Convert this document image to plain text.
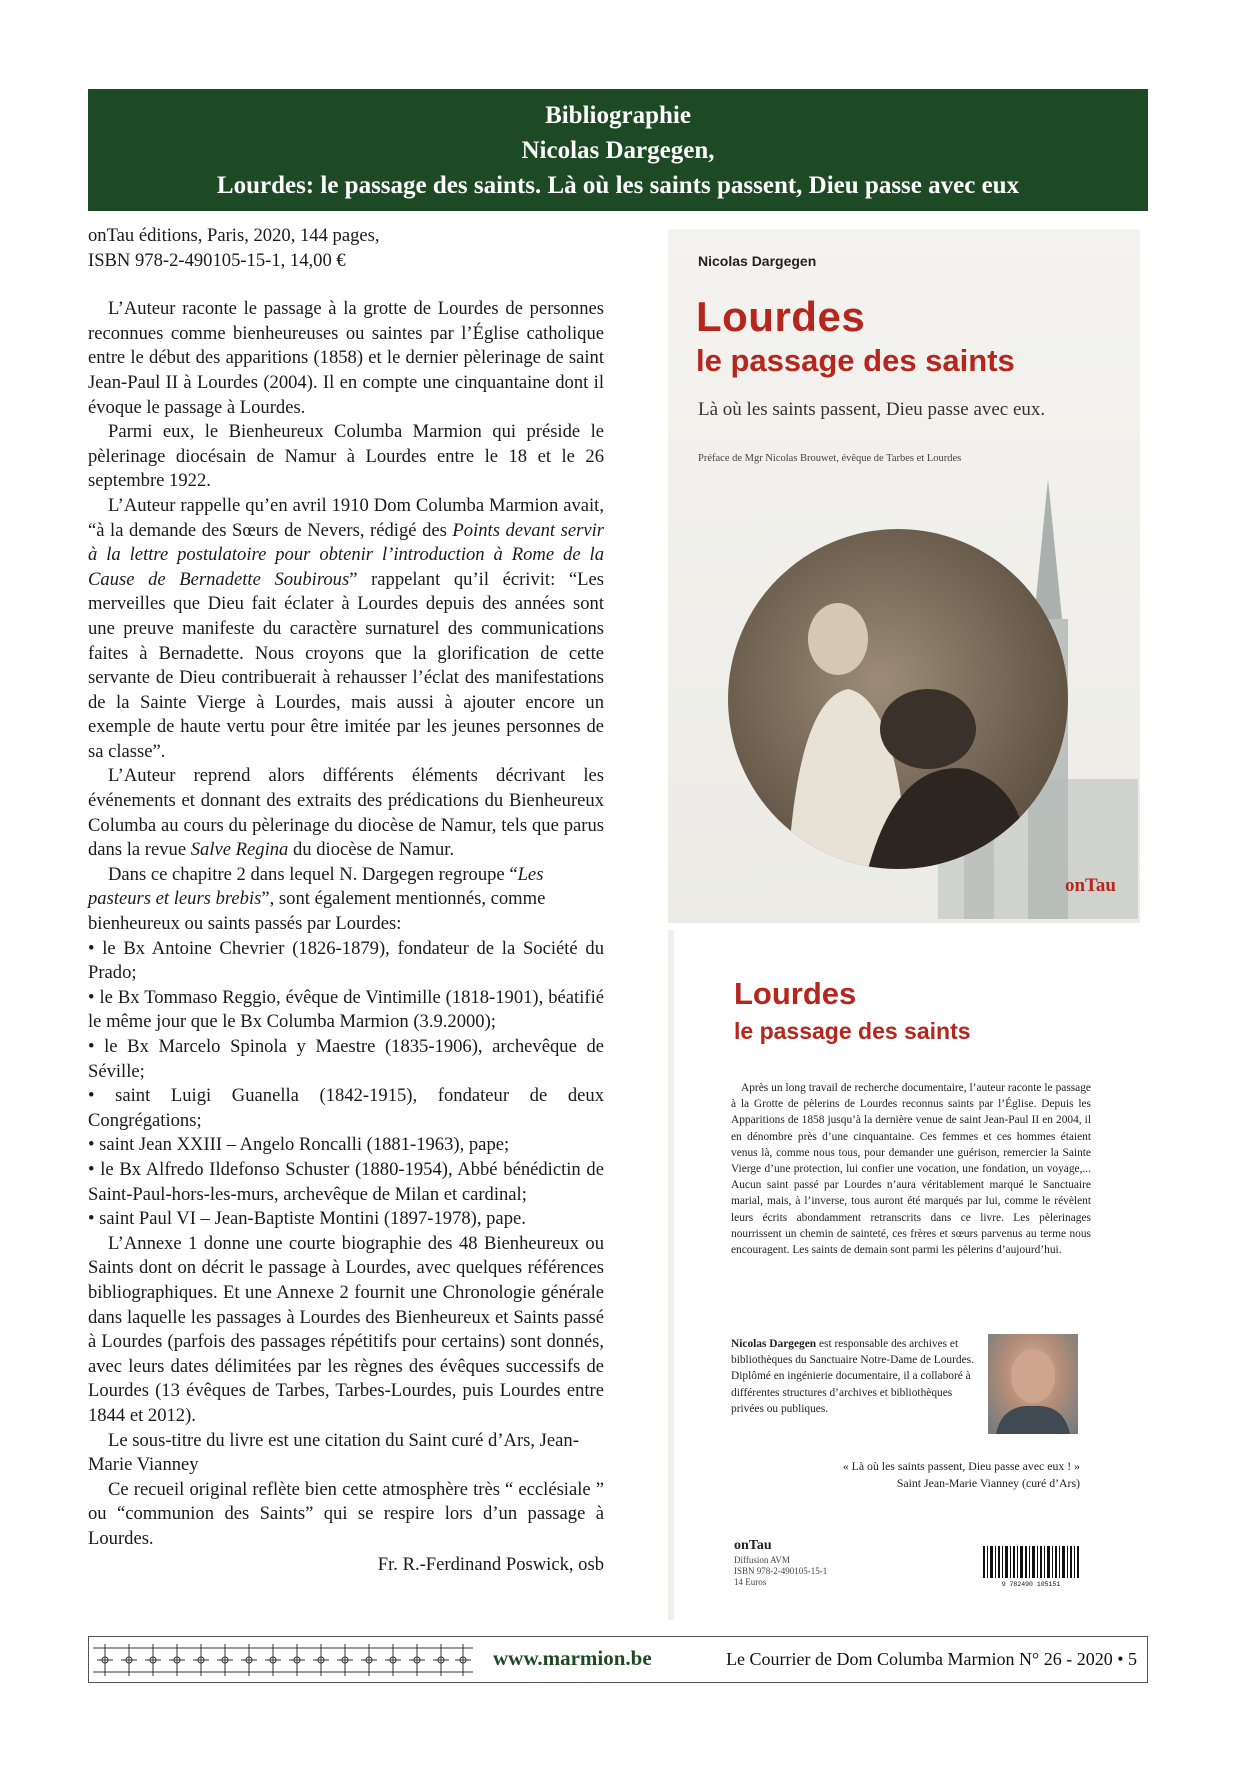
Bibliographie
Nicolas Dargegen,
Lourdes: le passage des saints. Là où les saints passent, Dieu passe avec eux

onTau éditions, Paris, 2020, 144 pages,

ISBN 978-2-490105-15-1, 14,00 €

L’Auteur raconte le passage à la grotte de Lourdes de personnes reconnues comme bienheureuses ou saintes par l’Église catholique entre le début des apparitions (1858) et le dernier pèlerinage de saint Jean-Paul II à Lourdes (2004). Il en compte une cinquantaine dont il évoque le passage à Lourdes.

Parmi eux, le Bienheureux Columba Marmion qui préside le pèlerinage diocésain de Namur à Lourdes entre le 18 et le 26 septembre 1922.

L’Auteur rappelle qu’en avril 1910 Dom Columba Marmion avait, “à la demande des Sœurs de Nevers, rédigé des Points devant servir à la lettre postulatoire pour obtenir l’introduction à Rome de la Cause de Bernadette Soubirous” rappelant qu’il écrivit: “Les merveilles que Dieu fait éclater à Lourdes depuis des années sont une preuve manifeste du caractère surnaturel des communications faites à Bernadette. Nous croyons que la glorification de cette servante de Dieu contribuerait à rehausser l’éclat des manifestations de la Sainte Vierge à Lourdes, mais aussi à ajouter encore un exemple de haute vertu pour être imitée par les jeunes personnes de sa classe”.

L’Auteur reprend alors différents éléments décrivant les événements et donnant des extraits des prédications du Bienheureux Columba au cours du pèlerinage du diocèse de Namur, tels que parus dans la revue Salve Regina du diocèse de Namur.

Dans ce chapitre 2 dans lequel N. Dargegen regroupe “Les pasteurs et leurs brebis”, sont également mentionnés, comme bienheureux ou saints passés par Lourdes:

• le Bx Antoine Chevrier (1826-1879), fondateur de la Société du Prado;

• le Bx Tommaso Reggio, évêque de Vintimille (1818-1901), béatifié le même jour que le Bx Columba Marmion (3.9.2000);

• le Bx Marcelo Spinola y Maestre (1835-1906), archevêque de Séville;

• saint Luigi Guanella (1842-1915), fondateur de deux Congrégations;

• saint Jean XXIII – Angelo Roncalli (1881-1963), pape;

• le Bx Alfredo Ildefonso Schuster (1880-1954), Abbé bénédictin de Saint-Paul-hors-les-murs, archevêque de Milan et cardinal;

• saint Paul VI – Jean-Baptiste Montini (1897-1978), pape.

L’Annexe 1 donne une courte biographie des 48 Bienheureux ou Saints dont on décrit le passage à Lourdes, avec quelques références bibliographiques. Et une Annexe 2 fournit une Chronologie générale dans laquelle les passages à Lourdes des Bienheureux et Saints passé à Lourdes (parfois des passages répétitifs pour certains) sont donnés, avec leurs dates délimitées par les règnes des évêques successifs de Lourdes (13 évêques de Tarbes, Tarbes-Lourdes, puis Lourdes entre 1844 et 2012).

Le sous-titre du livre est une citation du Saint curé d’Ars, Jean-Marie Vianney

Ce recueil original reflète bien cette atmosphère très “ ecclésiale ” ou “communion des Saints” qui se respire lors d’un passage à Lourdes.

Fr. R.-Ferdinand Poswick, osb

Nicolas Dargegen
Lourdes
le passage des saints
Là où les saints passent, Dieu passe avec eux.
Préface de Mgr Nicolas Brouwet, évêque de Tarbes et Lourdes
onTau
Lourdes
le passage des saints

Après un long travail de recherche documentaire, l’auteur raconte le passage à la Grotte de pèlerins de Lourdes reconnus saints par l’Église. Depuis les Apparitions de 1858 jusqu’à la dernière venue de saint Jean-Paul II en 2004, il en dénombre près d’une cinquantaine. Ces femmes et ces hommes étaient venus là, comme nous tous, pour demander une guérison, remercier la Sainte Vierge d’une protection, lui confier une vocation, une fondation, un voyage,... Aucun saint passé par Lourdes n’aura véritablement marqué le Sanctuaire marial, mais, à l’inverse, tous auront été marqués par lui, comme le révèlent leurs écrits abondamment retranscrits dans ce livre. Les pèlerinages nourrissent un chemin de sainteté, ces frères et sœurs parvenus au terme nous encouragent. Les saints de demain sont parmi les pèlerins d’aujourd’hui.

Nicolas Dargegen est responsable des archives et bibliothèques du Sanctuaire Notre-Dame de Lourdes. Diplômé en ingénierie documentaire, il a collaboré à différentes structures d’archives et bibliothèques privées ou publiques.

« Là où les saints passent, Dieu passe avec eux ! »
Saint Jean-Marie Vianney (curé d’Ars)
onTau
Diffusion AVM
ISBN 978-2-490105-15-1
14 Euros	9 782490 105151
www.marmion.be	Le Courrier de Dom Columba Marmion N° 26 - 2020 • 5
